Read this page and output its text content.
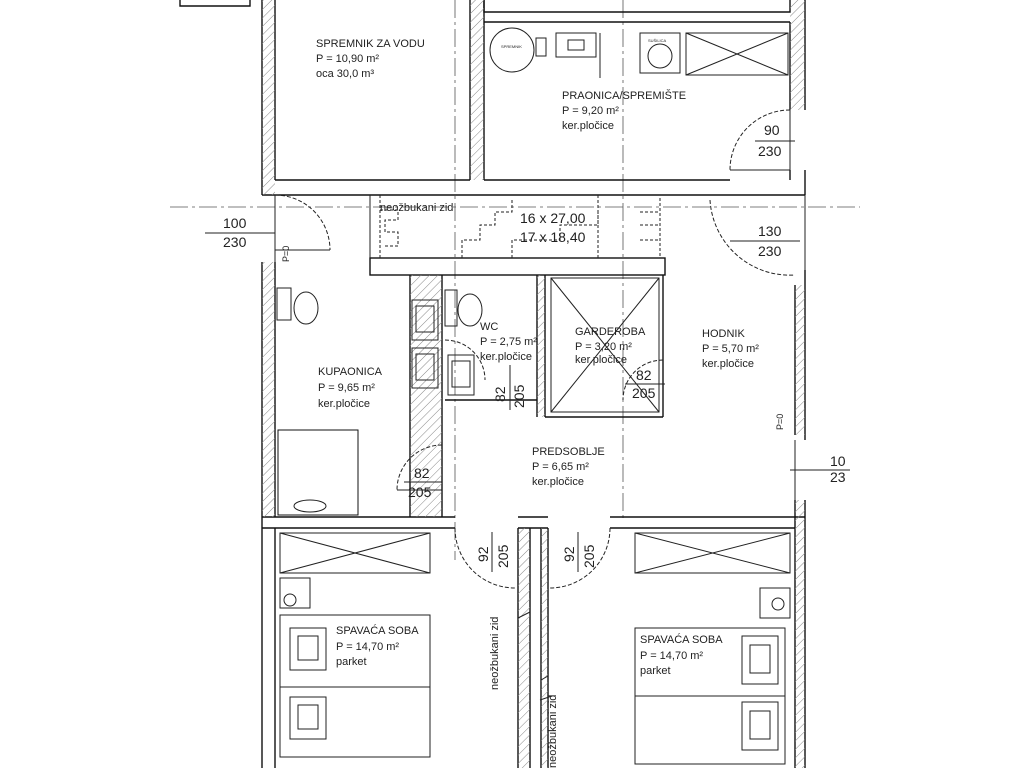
SPREMNIK ZA VODU
P = 10,90 m²
oca 30,0 m³
PRAONICA/SPREMIŠTE
P = 9,20 m²
ker.pločice
KUPAONICA
P = 9,65 m²
ker.pločice
WC
P = 2,75 m²
ker.pločice
GARDEROBA
P = 3,20 m²
ker.pločice
HODNIK
P = 5,70 m²
ker.pločice
PREDSOBLJE
P = 6,65 m²
ker.pločice
SPAVAĆA SOBA
P = 14,70 m²
parket
SPAVAĆA SOBA
P = 14,70 m²
parket
16 x 27,00
17 x 18,40
neožbukani zid
neožbukani zid
neožbukani zid
90
230
100
230
130
230
10
23
82
205
82
205
82 205
92 205	92 205
P=0
P=0
SPREMNIK
SUŠILICA
